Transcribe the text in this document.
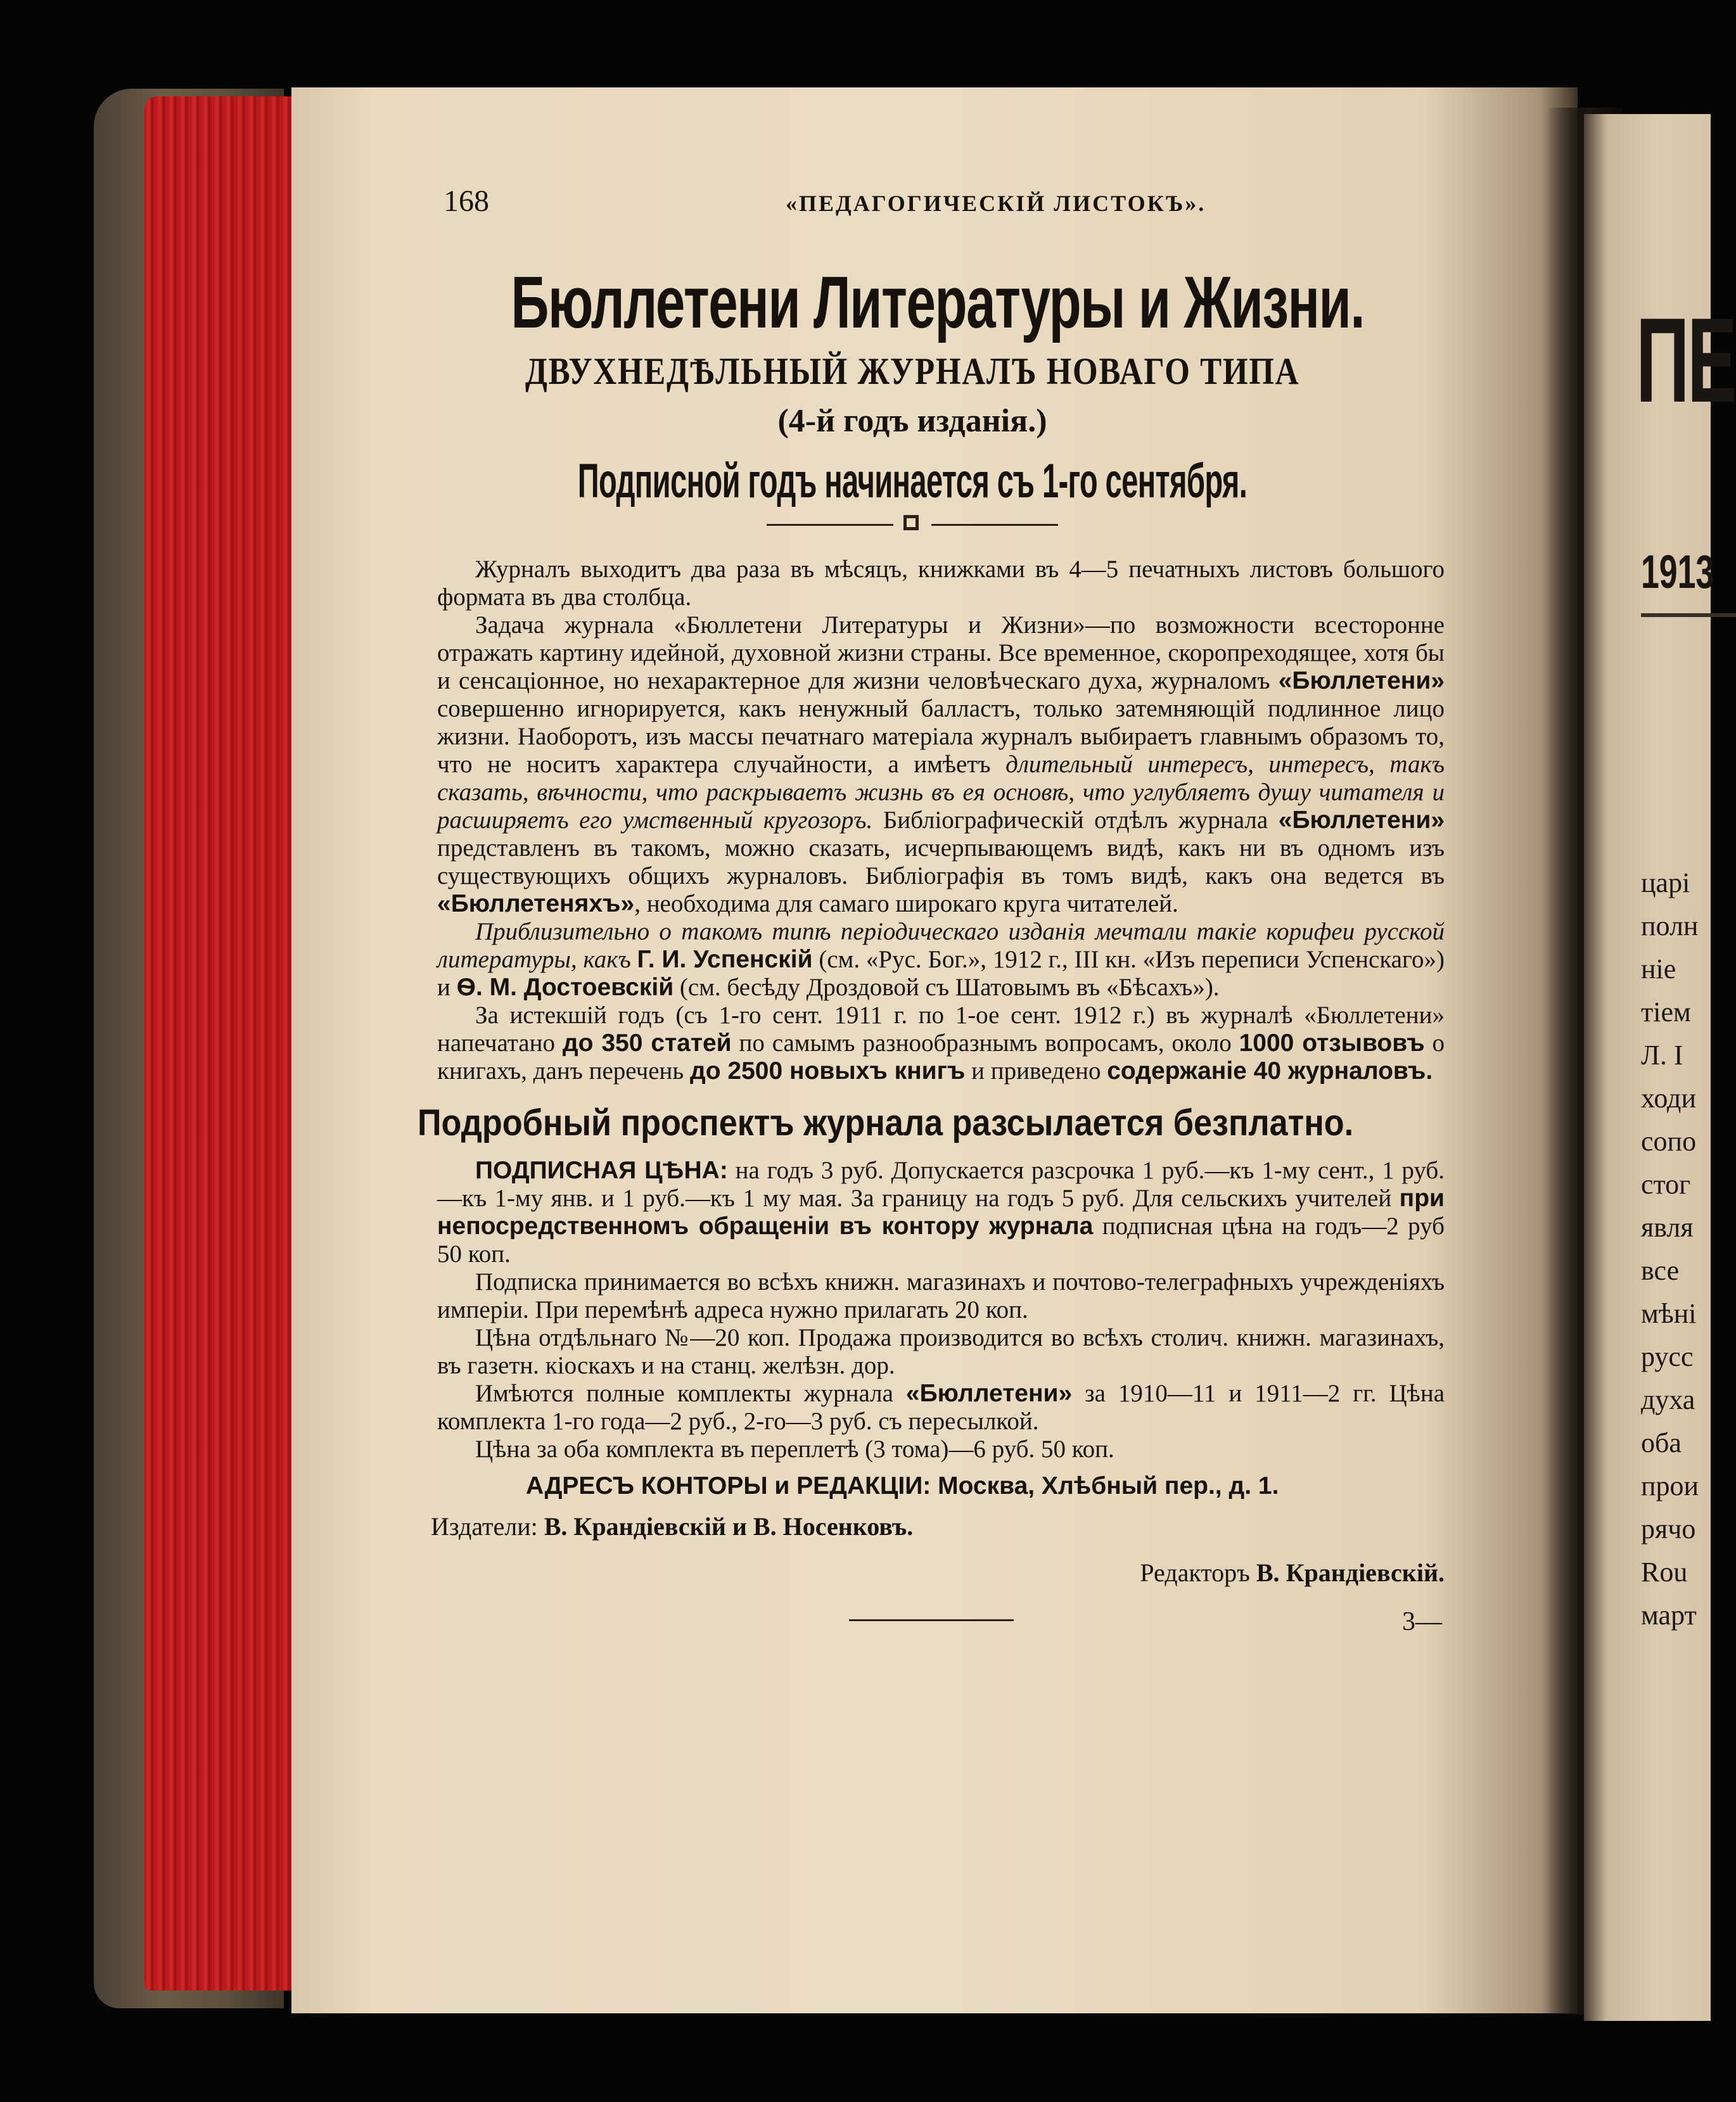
ПЕ
1913
царі
полн
ніе
тіем
Л. I
ходи
сопо
стог
явля
все
мѣні
русс
духа
оба
прои
рячо
Rou
март
168	«ПЕДАГОГИЧЕСКІЙ ЛИСТОКЪ».
Бюллетени Литературы и Жизни.
ДВУХНЕДѢЛЬНЫЙ ЖУРНАЛЪ НОВАГО ТИПА
(4-й годъ изданія.)
Подписной годъ начинается съ 1-го сентября.

Журналъ выходитъ два раза въ мѣсяцъ, книжками въ 4—5 печатныхъ листовъ большого формата въ два столбца.

Задача журнала «Бюллетени Литературы и Жизни»—по возможности всесторонне отражать картину идейной, духовной жизни страны. Все временное, скоропреходящее, хотя бы и сенсаціонное, но нехарактерное для жизни человѣческаго духа, журналомъ «Бюллетени» совершенно игнорируется, какъ ненужный балластъ, только затемняющій подлинное лицо жизни. Наоборотъ, изъ массы печатнаго матеріала журналъ выбираетъ главнымъ образомъ то, что не носитъ характера случайности, а имѣетъ длительный интересъ, интересъ, такъ сказать, вѣчности, что раскрываетъ жизнь въ ея основѣ, что углубляетъ душу читателя и расширяетъ его умственный кругозоръ. Библіографическій отдѣлъ журнала «Бюллетени» представленъ въ такомъ, можно сказать, исчерпывающемъ видѣ, какъ ни въ одномъ изъ существующихъ общихъ журналовъ. Библіографія въ томъ видѣ, какъ она ведется въ «Бюллетеняхъ», необходима для самаго широкаго круга читателей.

Приблизительно о такомъ типѣ періодическаго изданія мечтали такіе корифеи русской литературы, какъ Г. И. Успенскій (см. «Рус. Бог.», 1912 г., III кн. «Изъ переписи Успенскаго») и Ѳ. М. Достоевскій (см. бесѣду Дроздовой съ Шатовымъ въ «Бѣсахъ»).

За истекшій годъ (съ 1-го сент. 1911 г. по 1-ое сент. 1912 г.) въ журналѣ «Бюллетени» напечатано до 350 статей по самымъ разнообразнымъ вопросамъ, около 1000 отзывовъ о книгахъ, данъ перечень до 2500 новыхъ книгъ и приведено содержаніе 40 журналовъ.

Подробный проспектъ журнала разсылается безплатно.

ПОДПИСНАЯ ЦѢНА: на годъ 3 руб. Допускается разсрочка 1 руб.—къ 1-му сент., 1 руб.—къ 1-му янв. и 1 руб.—къ 1 му мая. За границу на годъ 5 руб. Для сельскихъ учителей при непосредственномъ обращеніи въ контору журнала подписная цѣна на годъ—2 руб 50 коп.

Подписка принимается во всѣхъ книжн. магазинахъ и почтово-телеграфныхъ учрежденіяхъ имперіи. При перемѣнѣ адреса нужно прилагать 20 коп.

Цѣна отдѣльнаго №—20 коп. Продажа производится во всѣхъ столич. книжн. магазинахъ, въ газетн. кіоскахъ и на станц. желѣзн. дор.

Имѣются полные комплекты журнала «Бюллетени» за 1910—11 и 1911—2 гг. Цѣна комплекта 1-го года—2 руб., 2-го—3 руб. съ пересылкой.

Цѣна за оба комплекта въ переплетѣ (3 тома)—6 руб. 50 коп.

АДРЕСЪ КОНТОРЫ и РЕДАКЦІИ: Москва, Хлѣбный пер., д. 1.
Издатели: В. Крандіевскій и В. Носенковъ.
Редакторъ В. Крандіевскій.
3—
